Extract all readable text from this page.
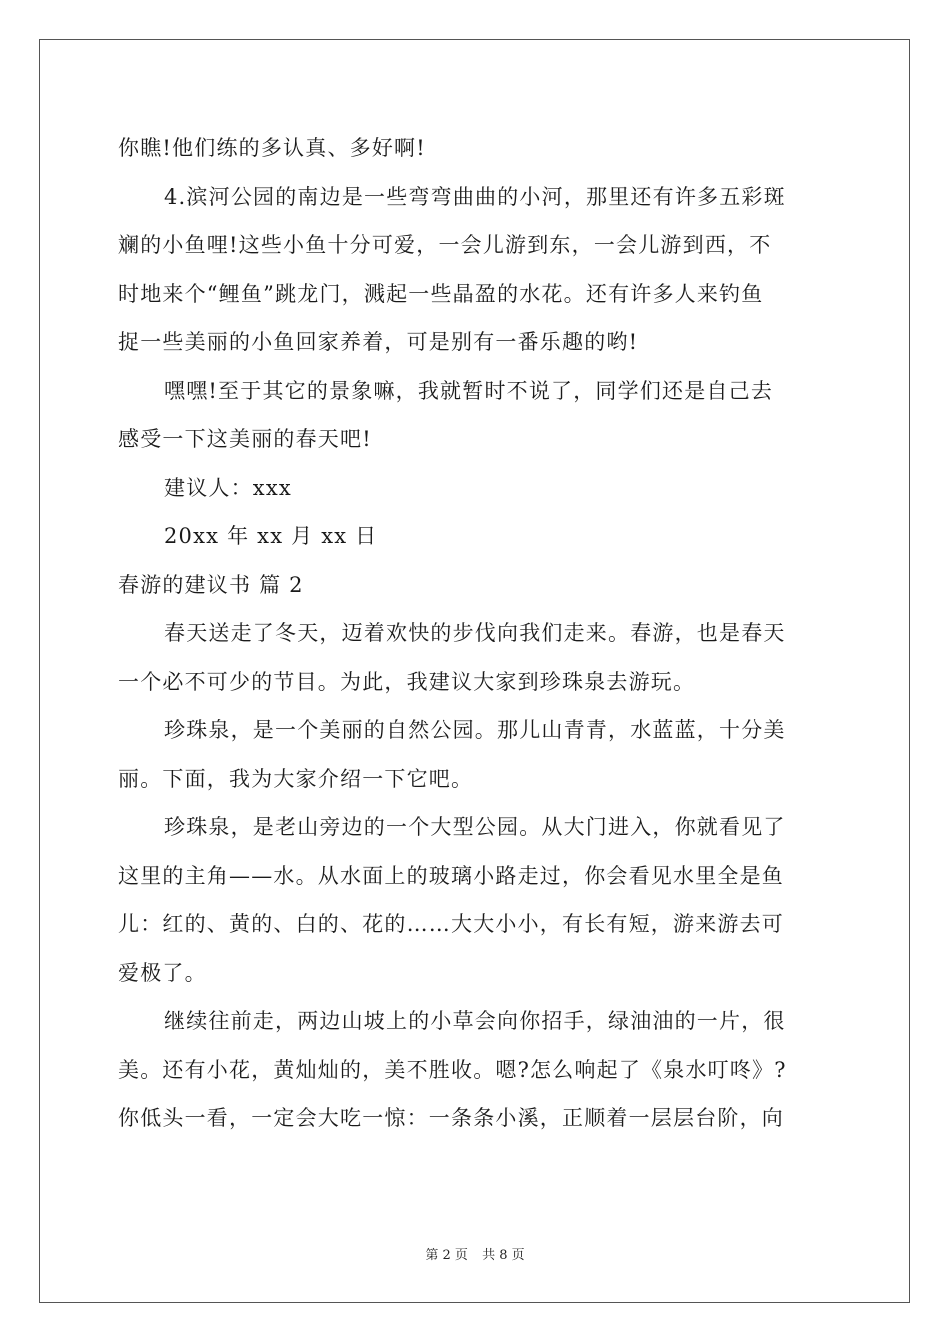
你瞧!他们练的多认真、多好啊!
4.滨河公园的南边是一些弯弯曲曲的小河，那里还有许多五彩斑
斓的小鱼哩!这些小鱼十分可爱，一会儿游到东，一会儿游到西，不
时地来个“鲤鱼”跳龙门，溅起一些晶盈的水花。还有许多人来钓鱼
捉一些美丽的小鱼回家养着，可是别有一番乐趣的哟!
嘿嘿!至于其它的景象嘛，我就暂时不说了，同学们还是自己去
感受一下这美丽的春天吧!
建议人：xxx
20xx 年 xx 月 xx 日
春游的建议书 篇 2
春天送走了冬天，迈着欢快的步伐向我们走来。春游，也是春天
一个必不可少的节目。为此，我建议大家到珍珠泉去游玩。
珍珠泉，是一个美丽的自然公园。那儿山青青，水蓝蓝，十分美
丽。下面，我为大家介绍一下它吧。
珍珠泉，是老山旁边的一个大型公园。从大门进入，你就看见了
这里的主角——水。从水面上的玻璃小路走过，你会看见水里全是鱼
儿：红的、黄的、白的、花的……大大小小，有长有短，游来游去可
爱极了。
继续往前走，两边山坡上的小草会向你招手，绿油油的一片，很
美。还有小花，黄灿灿的，美不胜收。嗯?怎么响起了《泉水叮咚》?
你低头一看，一定会大吃一惊：一条条小溪，正顺着一层层台阶，向
第 2 页 共 8 页
